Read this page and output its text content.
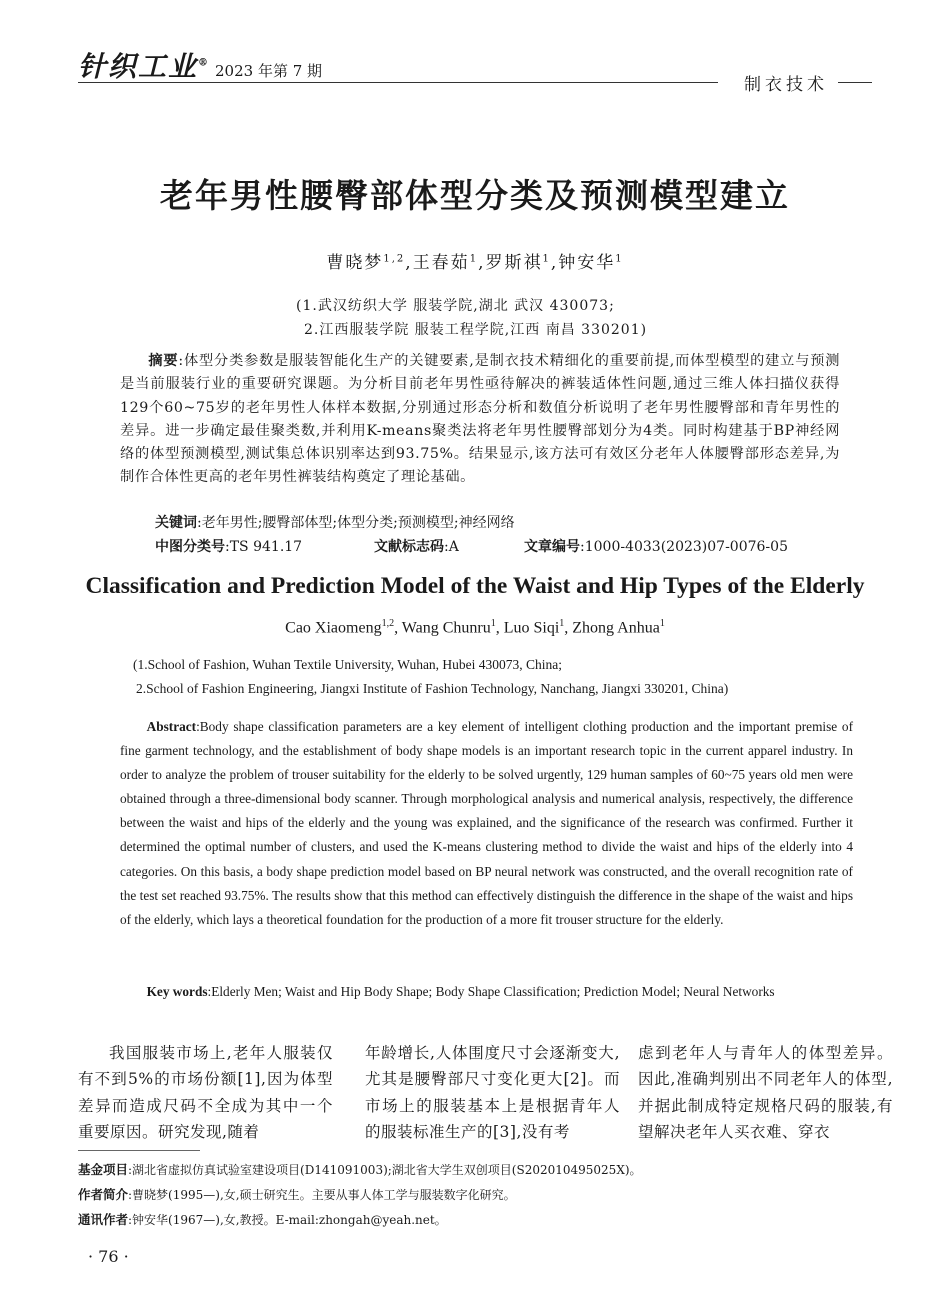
针织工业® 2023 年第 7 期
制衣技术
老年男性腰臀部体型分类及预测模型建立
曹晓梦$^{1,2}$,王春茹$^1$,罗斯祺$^1$,钟安华$^1$
(1.武汉纺织大学 服装学院,湖北 武汉 430073;
2.江西服装学院 服装工程学院,江西 南昌 330201)
摘要:体型分类参数是服装智能化生产的关键要素,是制衣技术精细化的重要前提,而体型模型的建立与预测是当前服装行业的重要研究课题。为分析目前老年男性亟待解决的裤装适体性问题,通过三维人体扫描仪获得129个60~75岁的老年男性人体样本数据,分别通过形态分析和数值分析说明了老年男性腰臀部和青年男性的差异。进一步确定最佳聚类数,并利用K-means聚类法将老年男性腰臀部划分为4类。同时构建基于BP神经网络的体型预测模型,测试集总体识别率达到93.75%。结果显示,该方法可有效区分老年人体腰臀部形态差异,为制作合体性更高的老年男性裤装结构奠定了理论基础。
关键词:老年男性;腰臀部体型;体型分类;预测模型;神经网络
中图分类号:TS 941.17	文献标志码:A	文章编号:1000-4033(2023)07-0076-05
Classification and Prediction Model of the Waist and Hip Types of the Elderly
Cao Xiaomeng$^{1,2}$, Wang Chunru$^1$, Luo Siqi$^1$, Zhong Anhua$^1$
(1.School of Fashion, Wuhan Textile University, Wuhan, Hubei 430073, China;
2.School of Fashion Engineering, Jiangxi Institute of Fashion Technology, Nanchang, Jiangxi 330201, China)
Abstract:Body shape classification parameters are a key element of intelligent clothing production and the important premise of fine garment technology, and the establishment of body shape models is an important research topic in the current apparel industry. In order to analyze the problem of trouser suitability for the elderly to be solved urgently, 129 human samples of 60~75 years old men were obtained through a three-dimensional body scanner. Through morphological analysis and numerical analysis, respectively, the difference between the waist and hips of the elderly and the young was explained, and the significance of the research was confirmed. Further it determined the optimal number of clusters, and used the K-means clustering method to divide the waist and hips of the elderly into 4 categories. On this basis, a body shape prediction model based on BP neural network was constructed, and the overall recognition rate of the test set reached 93.75%. The results show that this method can effectively distinguish the difference in the shape of the waist and hips of the elderly, which lays a theoretical foundation for the production of a more fit trouser structure for the elderly.
Key words:Elderly Men; Waist and Hip Body Shape; Body Shape Classification; Prediction Model; Neural Networks
我国服装市场上,老年人服装仅有不到5%的市场份额[1],因为体型差异而造成尺码不全成为其中一个重要原因。研究发现,随着
年龄增长,人体围度尺寸会逐渐变大,尤其是腰臀部尺寸变化更大[2]。而市场上的服装基本上是根据青年人的服装标准生产的[3],没有考
虑到老年人与青年人的体型差异。因此,准确判别出不同老年人的体型,并据此制成特定规格尺码的服装,有望解决老年人买衣难、穿衣
基金项目:湖北省虚拟仿真试验室建设项目(D141091003);湖北省大学生双创项目(S202010495025X)。
作者简介:曹晓梦(1995—),女,硕士研究生。主要从事人体工学与服装数字化研究。
通讯作者:钟安华(1967—),女,教授。E-mail:zhongah@yeah.net。
· 76 ·
